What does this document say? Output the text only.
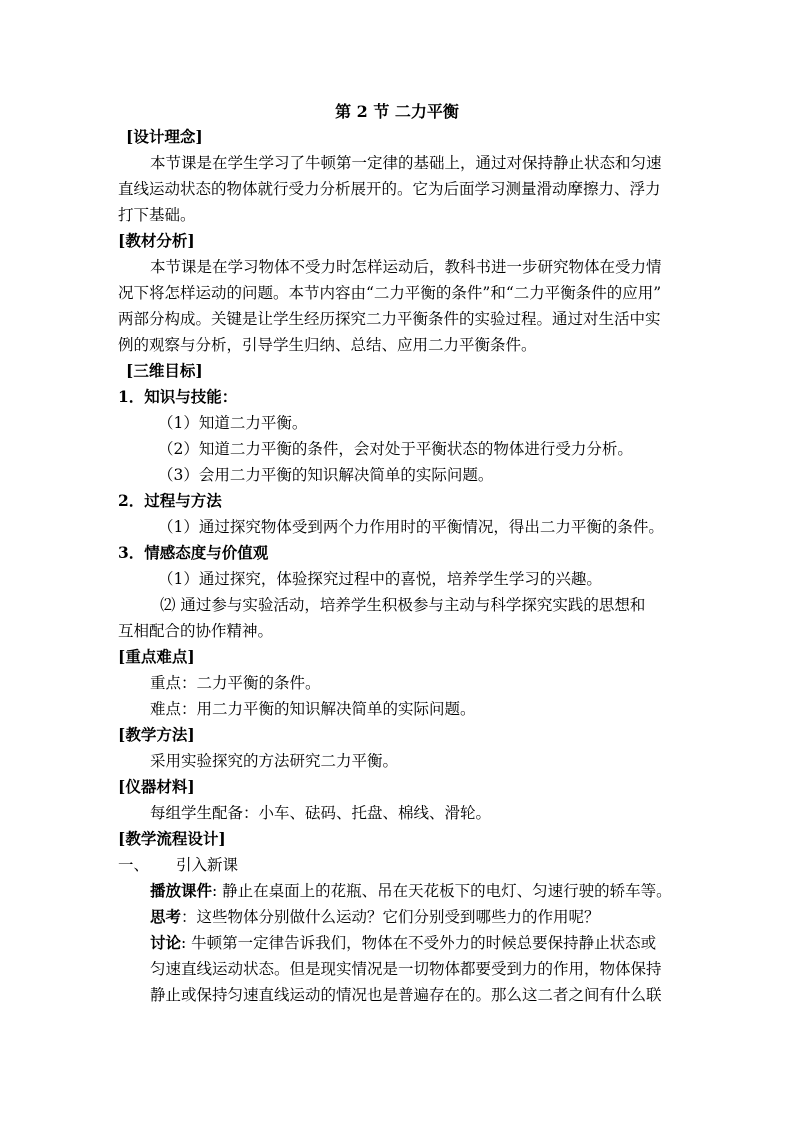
第 2 节 二力平衡
[设计理念]
本节课是在学生学习了牛顿第一定律的基础上，通过对保持静止状态和匀速
直线运动状态的物体就行受力分析展开的。它为后面学习测量滑动摩擦力、浮力
打下基础。
[教材分析]
本节课是在学习物体不受力时怎样运动后，教科书进一步研究物体在受力情
况下将怎样运动的问题。本节内容由“二力平衡的条件”和“二力平衡条件的应用”
两部分构成。关键是让学生经历探究二力平衡条件的实验过程。通过对生活中实
例的观察与分析，引导学生归纳、总结、应用二力平衡条件。
[三维目标]
1．知识与技能：
（1）知道二力平衡。
（2）知道二力平衡的条件，会对处于平衡状态的物体进行受力分析。
（3）会用二力平衡的知识解决简单的实际问题。
2．过程与方法
（1）通过探究物体受到两个力作用时的平衡情况，得出二力平衡的条件。
3．情感态度与价值观
（1）通过探究，体验探究过程中的喜悦，培养学生学习的兴趣。
⑵ 通过参与实验活动，培养学生积极参与主动与科学探究实践的思想和
互相配合的协作精神。
[重点难点]
重点：二力平衡的条件。
难点：用二力平衡的知识解决简单的实际问题。
[教学方法]
采用实验探究的方法研究二力平衡。
[仪器材料]
每组学生配备：小车、砝码、托盘、棉线、滑轮。
[教学流程设计]
一、 引入新课
播放课件: 静止在桌面上的花瓶、吊在天花板下的电灯、匀速行驶的轿车等。
思考：这些物体分别做什么运动？它们分别受到哪些力的作用呢？
讨论: 牛顿第一定律告诉我们，物体在不受外力的时候总要保持静止状态或
匀速直线运动状态。但是现实情况是一切物体都要受到力的作用，物体保持
静止或保持匀速直线运动的情况也是普遍存在的。那么这二者之间有什么联
